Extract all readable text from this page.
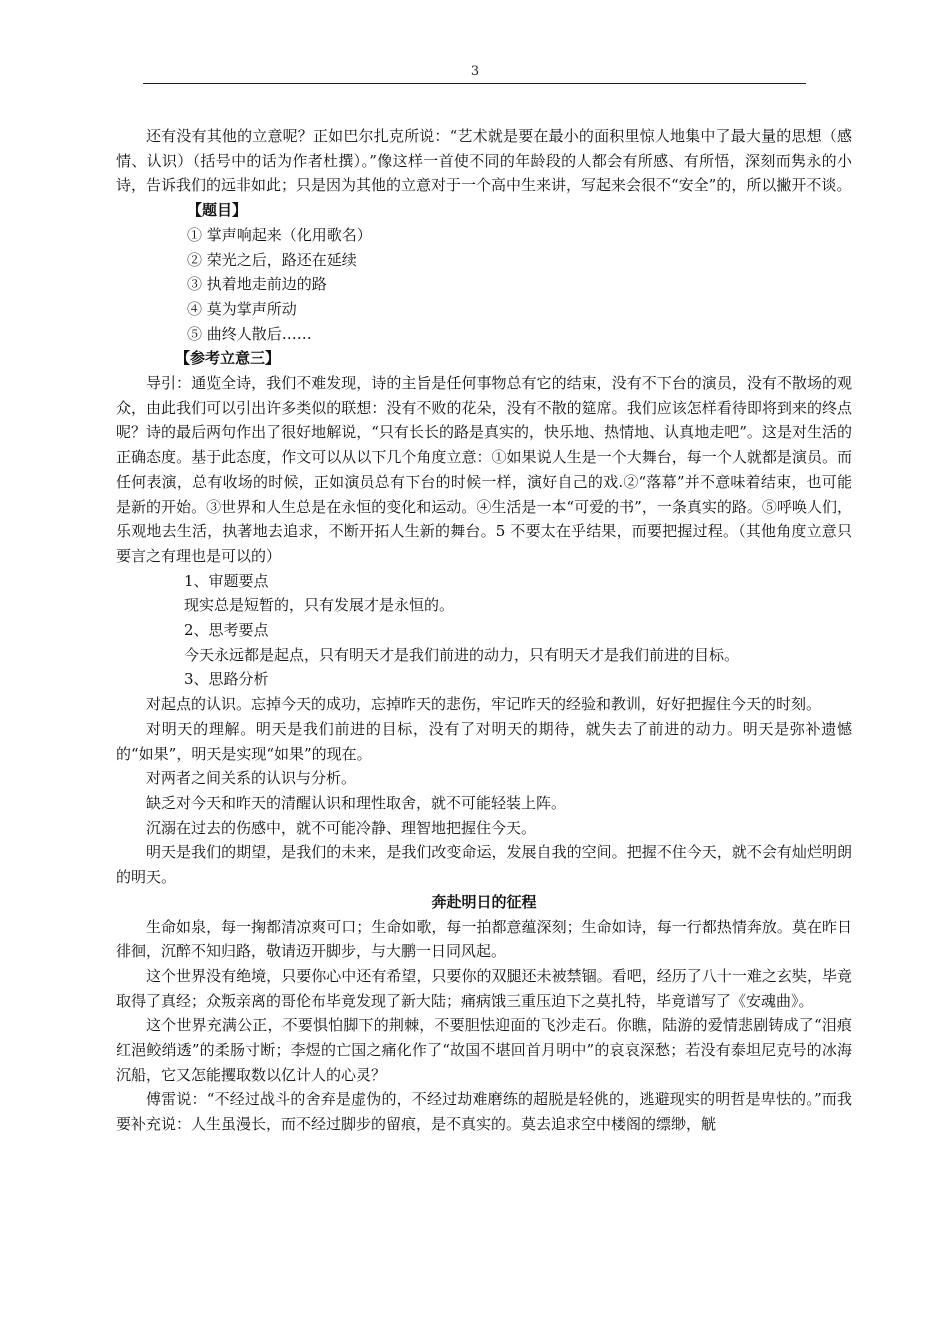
3

还有没有其他的立意呢？正如巴尔扎克所说：“艺术就是要在最小的面积里惊人地集中了最大量的思想（感情、认识）（括号中的话为作者杜撰）。”像这样一首使不同的年龄段的人都会有所感、有所悟，深刻而隽永的小诗，告诉我们的远非如此；只是因为其他的立意对于一个高中生来讲，写起来会很不“安全”的，所以撇开不谈。

【题目】

① 掌声响起来（化用歌名）

② 荣光之后，路还在延续

③ 执着地走前边的路

④ 莫为掌声所动

⑤ 曲终人散后……

【参考立意三】

导引：通览全诗，我们不难发现，诗的主旨是任何事物总有它的结束，没有不下台的演员，没有不散场的观众，由此我们可以引出许多类似的联想：没有不败的花朵，没有不散的筵席。我们应该怎样看待即将到来的终点呢？诗的最后两句作出了很好地解说，“只有长长的路是真实的，快乐地、热情地、认真地走吧”。这是对生活的正确态度。基于此态度，作文可以从以下几个角度立意：①如果说人生是一个大舞台，每一个人就都是演员。而任何表演，总有收场的时候，正如演员总有下台的时候一样，演好自己的戏.②“落幕”并不意味着结束，也可能是新的开始。③世界和人生总是在永恒的变化和运动。④生活是一本“可爱的书”，一条真实的路。⑤呼唤人们，乐观地去生活，执著地去追求，不断开拓人生新的舞台。5 不要太在乎结果，而要把握过程。（其他角度立意只要言之有理也是可以的）

1、审题要点

现实总是短暂的，只有发展才是永恒的。

2、思考要点

今天永远都是起点，只有明天才是我们前进的动力，只有明天才是我们前进的目标。

3、思路分析

对起点的认识。忘掉今天的成功，忘掉昨天的悲伤，牢记昨天的经验和教训，好好把握住今天的时刻。

对明天的理解。明天是我们前进的目标，没有了对明天的期待，就失去了前进的动力。明天是弥补遗憾的“如果”，明天是实现“如果”的现在。

对两者之间关系的认识与分析。

缺乏对今天和昨天的清醒认识和理性取舍，就不可能轻装上阵。

沉溺在过去的伤感中，就不可能冷静、理智地把握住今天。

明天是我们的期望，是我们的未来，是我们改变命运，发展自我的空间。把握不住今天，就不会有灿烂明朗的明天。

奔赴明日的征程

生命如泉，每一掬都清凉爽可口；生命如歌，每一拍都意蕴深刻；生命如诗，每一行都热情奔放。莫在昨日徘徊，沉醉不知归路，敬请迈开脚步，与大鹏一日同风起。

这个世界没有绝境，只要你心中还有希望，只要你的双腿还未被禁锢。看吧，经历了八十一难之玄奘，毕竟取得了真经；众叛亲离的哥伦布毕竟发现了新大陆；痛病饿三重压迫下之莫扎特，毕竟谱写了《安魂曲》。

这个世界充满公正，不要惧怕脚下的荆棘，不要胆怯迎面的飞沙走石。你瞧，陆游的爱情悲剧铸成了“泪痕红浥鲛绡透”的柔肠寸断；李煜的亡国之痛化作了“故国不堪回首月明中”的哀哀深愁；若没有泰坦尼克号的冰海沉船，它又怎能攫取数以亿计人的心灵？

傅雷说：“不经过战斗的舍弃是虚伪的，不经过劫难磨练的超脱是轻佻的，逃避现实的明哲是卑怯的。”而我要补充说：人生虽漫长，而不经过脚步的留痕，是不真实的。莫去追求空中楼阁的缥缈，觥
